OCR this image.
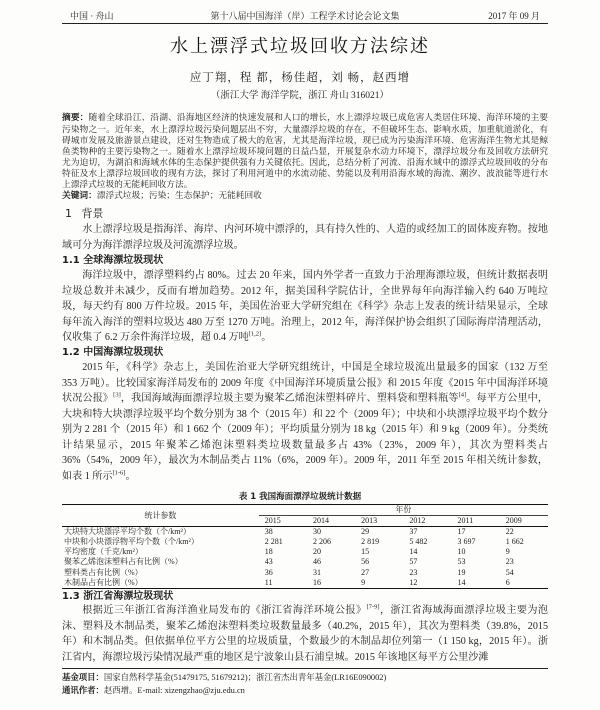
中国 · 舟山	第十八届中国海洋（岸）工程学术讨论会论文集	2017 年 09 月
水上漂浮式垃圾回收方法综述
应丁翔，程 都，杨佳超，刘 畅，赵西增
（浙江大学 海洋学院，浙江 舟山 316021）
摘要：随着全球沿江、沿湖、沿海地区经济的快速发展和人口的增长，水上漂浮垃圾已成危害人类居住环境、海洋环境的主要污染物之一。近年来，水上漂浮垃圾污染问题层出不穷，大量漂浮垃圾的存在，不但破坏生态、影响水质，加重航道淤化，有碍城市发展及旅游景点建设，还对生物造成了极大的危害，尤其是海洋垃圾，现已成为污染海洋环境、危害海洋生物尤其是鲸鱼类物种的主要污染物之一。随着水上漂浮垃圾环境问题的日益凸显，开展复杂水动力环境下，漂浮垃圾分布及回收方法研究尤为迫切，为湖泊和海域水体的生态保护提供强有力关键依托。因此，总结分析了河流、沿海水域中的漂浮式垃圾回收的分布特征及水上漂浮垃圾回收的现有方法，探讨了利用河道中的水流动能、势能以及利用沿海水域的海流、潮汐、波浪能等进行水上漂浮式垃圾的无能耗回收方法。
关键词：漂浮式垃圾；污染；生态保护；无能耗回收
1 背景
水上漂浮垃圾是指海洋、海岸、内河环境中漂浮的，具有持久性的、人造的或经加工的固体废弃物。按地域可分为海洋漂浮垃圾及河流漂浮垃圾。
1.1 全球海漂垃圾现状
海洋垃圾中，漂浮塑料约占 80%。过去 20 年来，国内外学者一直致力于治理海漂垃圾，但统计数据表明垃圾总数并未减少，反而有增加趋势。2012 年，据美国科学院估计，全世界每年向海洋输入约 640 万吨垃圾，每天约有 800 万件垃圾。2015 年，美国佐治亚大学研究组在《科学》杂志上发表的统计结果显示，全球每年流入海洋的塑料垃圾达 480 万至 1270 万吨。治理上，2012 年，海洋保护协会组织了国际海岸清理活动，仅收集了 6.2 万余件海洋垃圾，超 0.4 万吨[1,2]。
1.2 中国海漂垃圾现状
2015 年，《科学》杂志上，美国佐治亚大学研究组统计，中国是全球垃圾流出量最多的国家（132 万至 353 万吨）。比较国家海洋局发布的 2009 年度《中国海洋环境质量公报》和 2015 年度《2015 年中国海洋环境状况公报》[3]，我国海域海面漂浮垃圾主要为聚苯乙烯泡沫塑料碎片、塑料袋和塑料瓶等[4]。每平方公里中，大块和特大块漂浮垃圾平均个数分别为 38 个（2015 年）和 22 个（2009 年）；中块和小块漂浮垃圾平均个数分别为 2 281 个（2015 年）和 1 662 个（2009 年）；平均质量分别为 18 kg（2015 年）和 9 kg（2009 年）。分类统计结果显示，2015 年聚苯乙烯泡沫塑料类垃圾数量最多占 43%（23%，2009 年），其次为塑料类占 36%（54%，2009 年），最次为木制品类占 11%（6%，2009 年）。2009 年，2011 年至 2015 年相关统计参数，如表 1 所示[1-6]。
表 1 我国海面漂浮垃圾统计数据
统计参数	年份					
	2015	2014	2013	2012	2011	2009
大块特大块漂浮平均个数（个/km²）	38	30	29	37	17	22
中块和小块漂浮物平均个数（个/km²）	2 281	2 206	2 819	5 482	3 697	1 662
平均密度（千克/km²）	18	20	15	14	10	9
聚苯乙烯泡沫塑料占有比例（%）	43	46	56	57	53	23
塑料类占有比例（%）	36	31	27	23	19	54
木制品占有比例（%）	11	16	9	12	14	6
1.3 浙江省海漂垃圾现状
根据近三年浙江省海洋渔业局发布的《浙江省海洋环境公报》[7-9]，浙江省海域海面漂浮垃圾主要为泡沫、塑料及木制品类，聚苯乙烯泡沫塑料类垃圾数量最多（40.2%，2015 年），其次为塑料类（39.8%，2015 年）和木制品类。但依据单位平方公里的垃圾质量，个数最少的木制品却位列第一（1 150 kg，2015 年）。浙江省内，海漂垃圾污染情况最严重的地区是宁波象山县石浦皇城。2015 年该地区每平方公里沙滩
基金项目：国家自然科学基金(51479175, 51679212)；浙江省杰出青年基金(LR16E090002)
通讯作者：赵西增。E-mail: xizengzhao@zju.edu.cn
